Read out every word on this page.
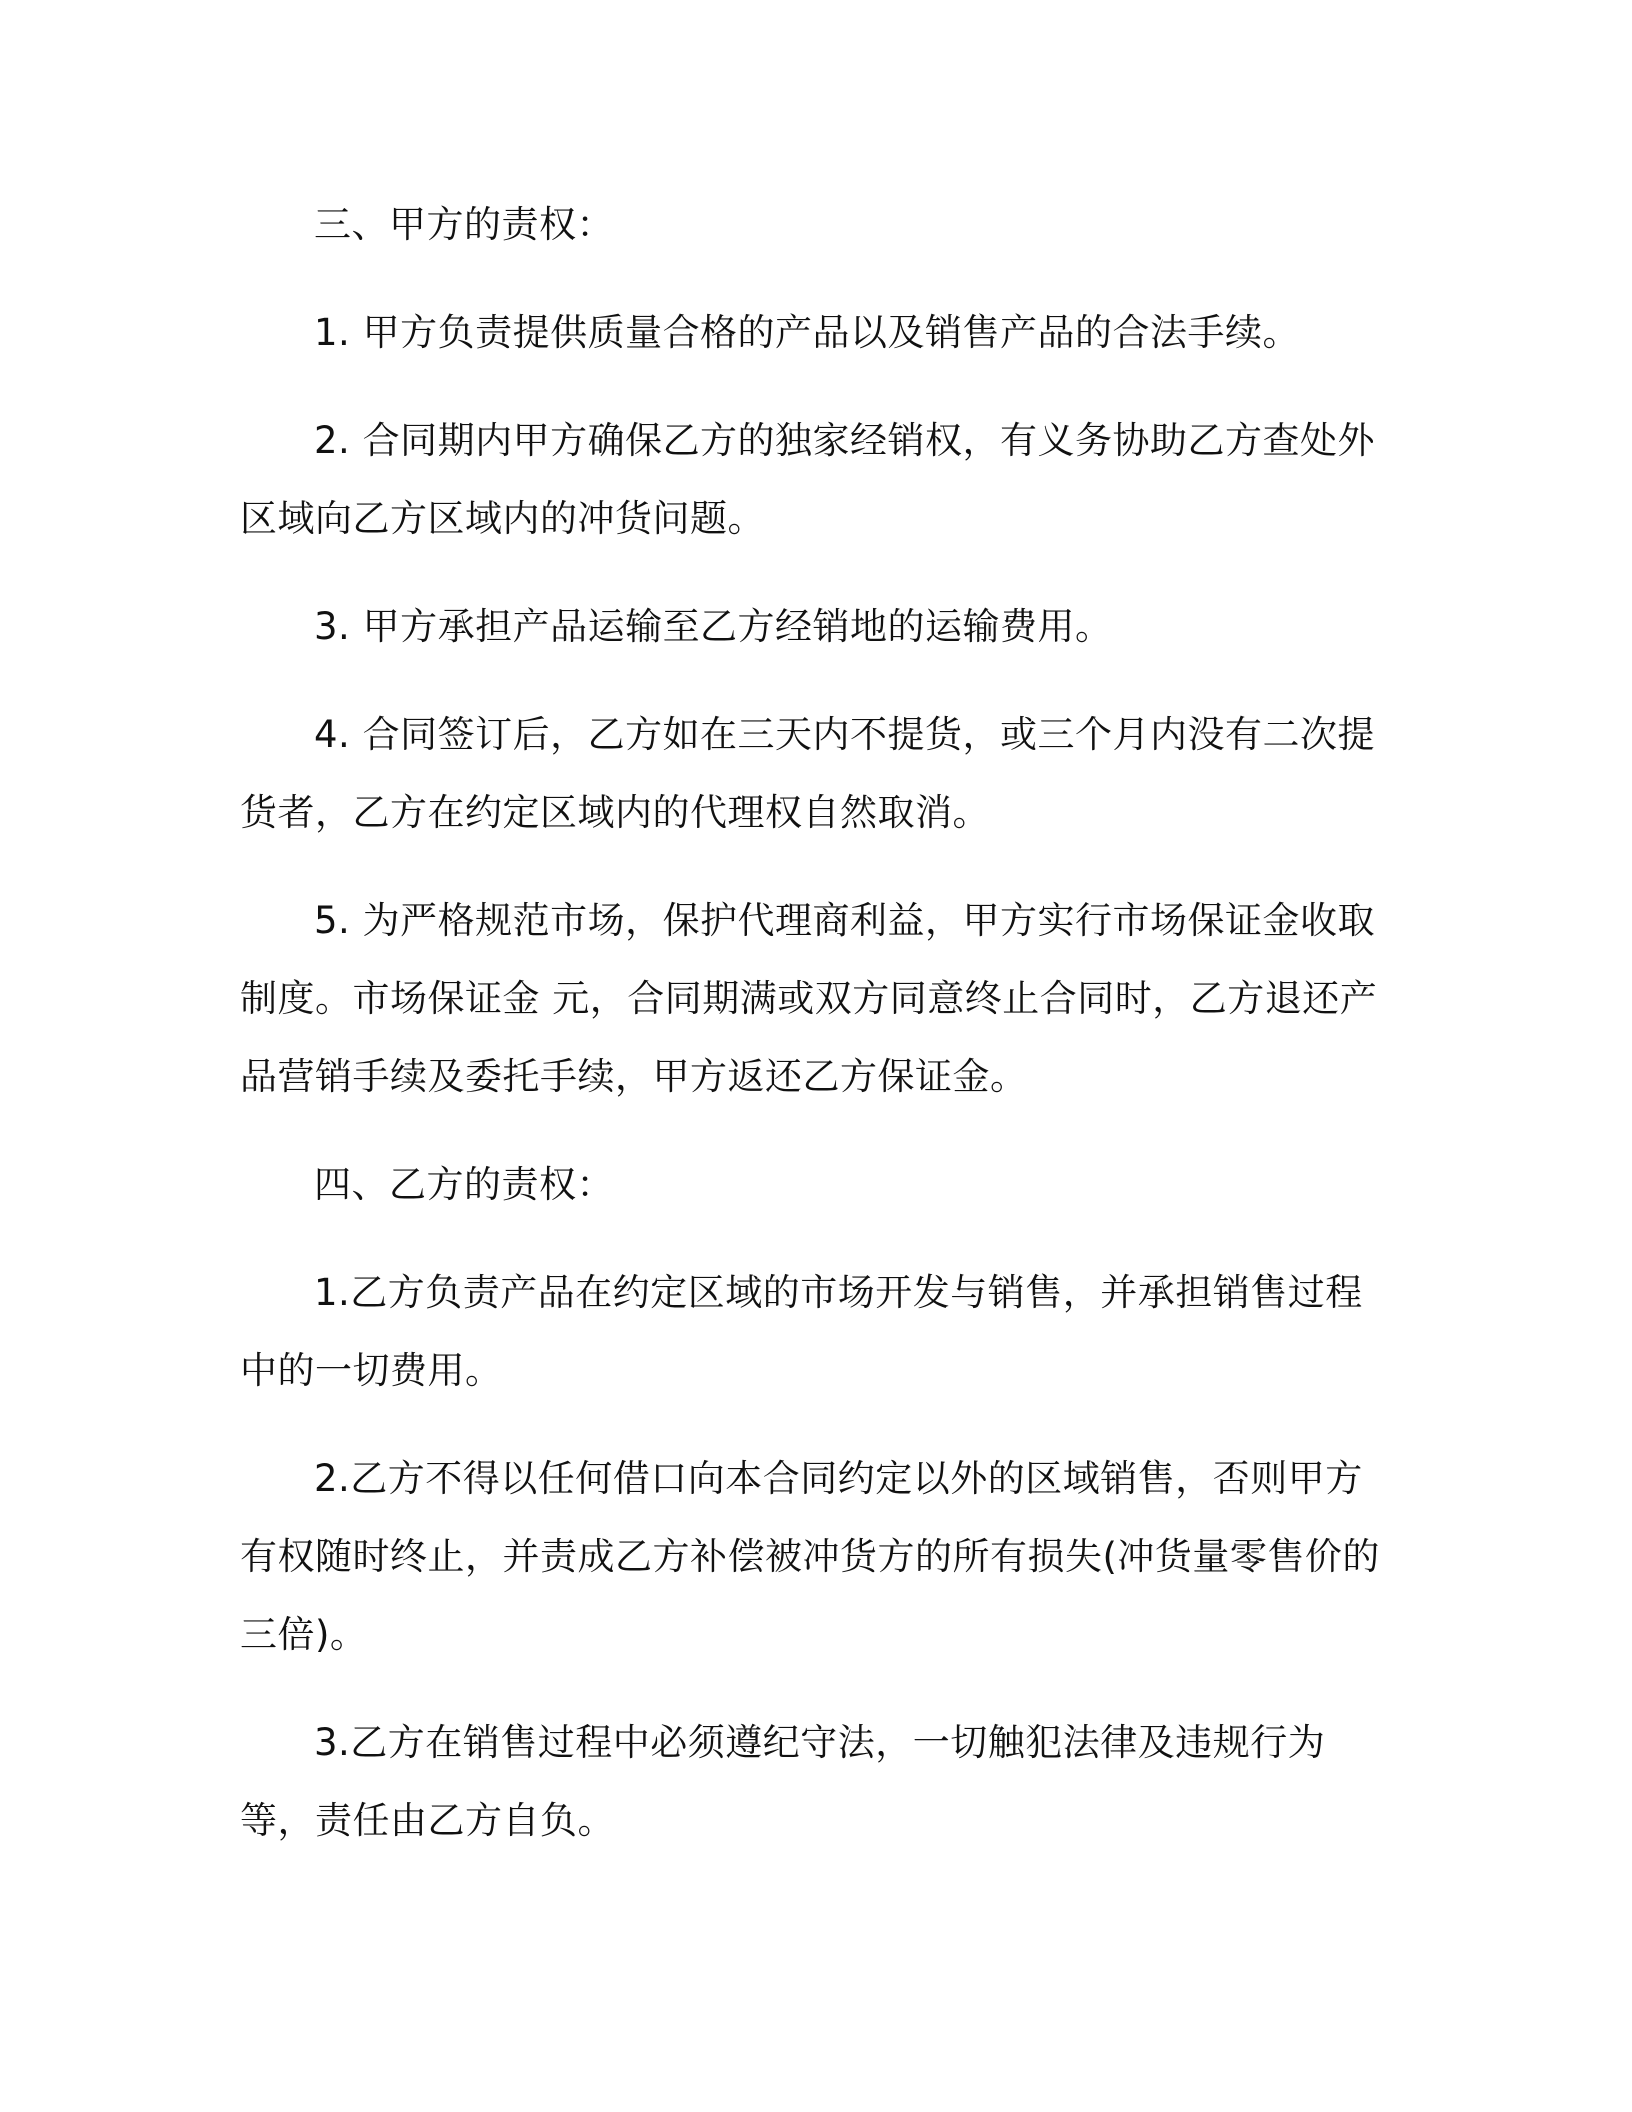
三、甲方的责权：

1. 甲方负责提供质量合格的产品以及销售产品的合法手续。

2. 合同期内甲方确保乙方的独家经销权，有义务协助乙方查处外区域向乙方区域内的冲货问题。

3. 甲方承担产品运输至乙方经销地的运输费用。

4. 合同签订后，乙方如在三天内不提货，或三个月内没有二次提货者，乙方在约定区域内的代理权自然取消。

5. 为严格规范市场，保护代理商利益，甲方实行市场保证金收取制度。市场保证金 元，合同期满或双方同意终止合同时，乙方退还产品营销手续及委托手续，甲方返还乙方保证金。

四、乙方的责权：

1.乙方负责产品在约定区域的市场开发与销售，并承担销售过程中的一切费用。

2.乙方不得以任何借口向本合同约定以外的区域销售，否则甲方有权随时终止，并责成乙方补偿被冲货方的所有损失(冲货量零售价的三倍)。

3.乙方在销售过程中必须遵纪守法，一切触犯法律及违规行为等，责任由乙方自负。
